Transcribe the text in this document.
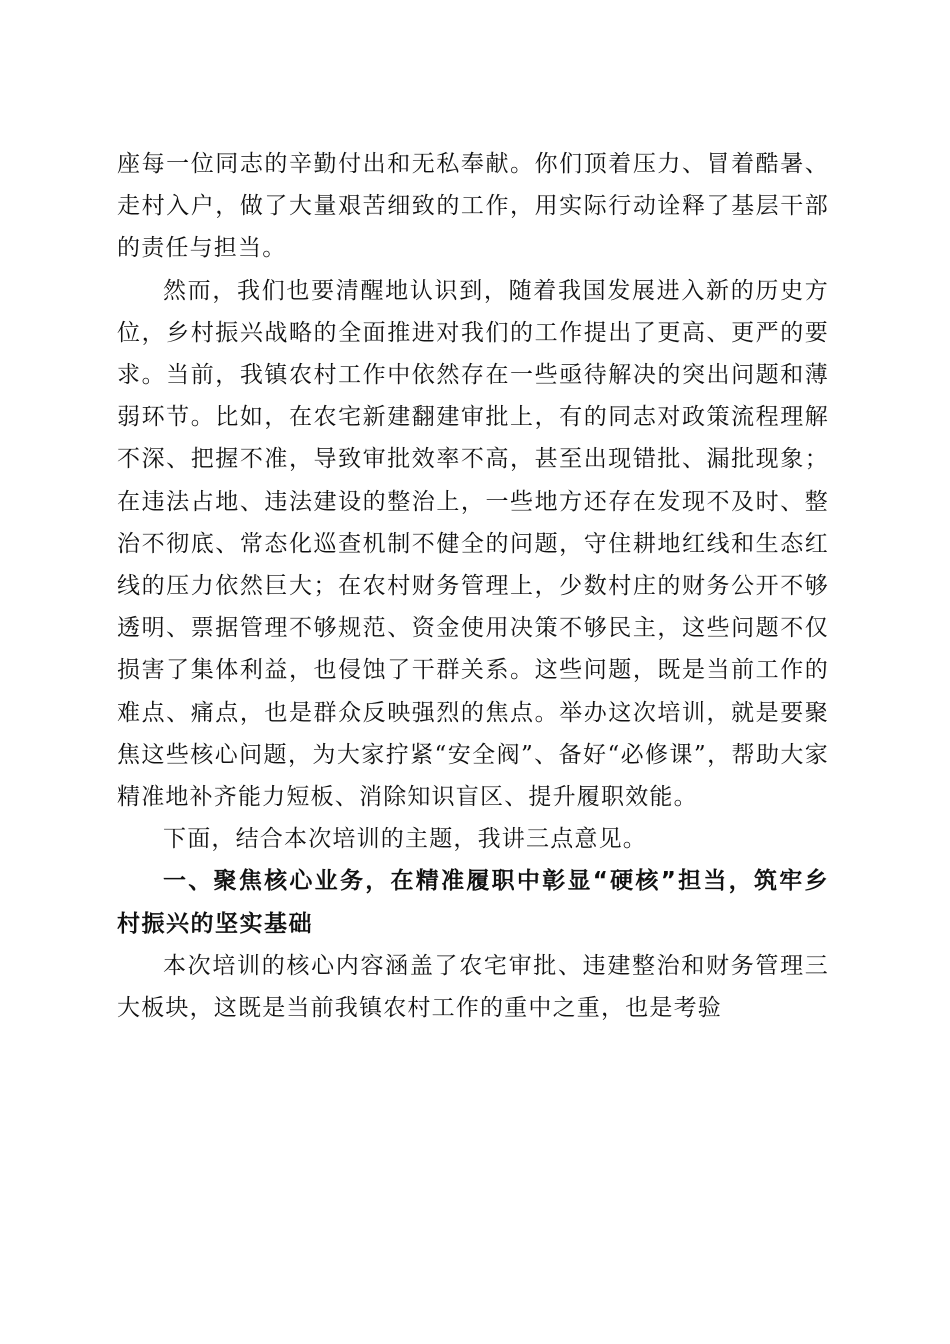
座每一位同志的辛勤付出和无私奉献。你们顶着压力、冒着酷暑、走村入户，做了大量艰苦细致的工作，用实际行动诠释了基层干部的责任与担当。

然而，我们也要清醒地认识到，随着我国发展进入新的历史方位，乡村振兴战略的全面推进对我们的工作提出了更高、更严的要求。当前，我镇农村工作中依然存在一些亟待解决的突出问题和薄弱环节。比如，在农宅新建翻建审批上，有的同志对政策流程理解不深、把握不准，导致审批效率不高，甚至出现错批、漏批现象；在违法占地、违法建设的整治上，一些地方还存在发现不及时、整治不彻底、常态化巡查机制不健全的问题，守住耕地红线和生态红线的压力依然巨大；在农村财务管理上，少数村庄的财务公开不够透明、票据管理不够规范、资金使用决策不够民主，这些问题不仅损害了集体利益，也侵蚀了干群关系。这些问题，既是当前工作的难点、痛点，也是群众反映强烈的焦点。举办这次培训，就是要聚焦这些核心问题，为大家拧紧“安全阀”、备好“必修课”，帮助大家精准地补齐能力短板、消除知识盲区、提升履职效能。

下面，结合本次培训的主题，我讲三点意见。

一、聚焦核心业务，在精准履职中彰显“硬核”担当，筑牢乡村振兴的坚实基础

本次培训的核心内容涵盖了农宅审批、违建整治和财务管理三大板块，这既是当前我镇农村工作的重中之重，也是考验
